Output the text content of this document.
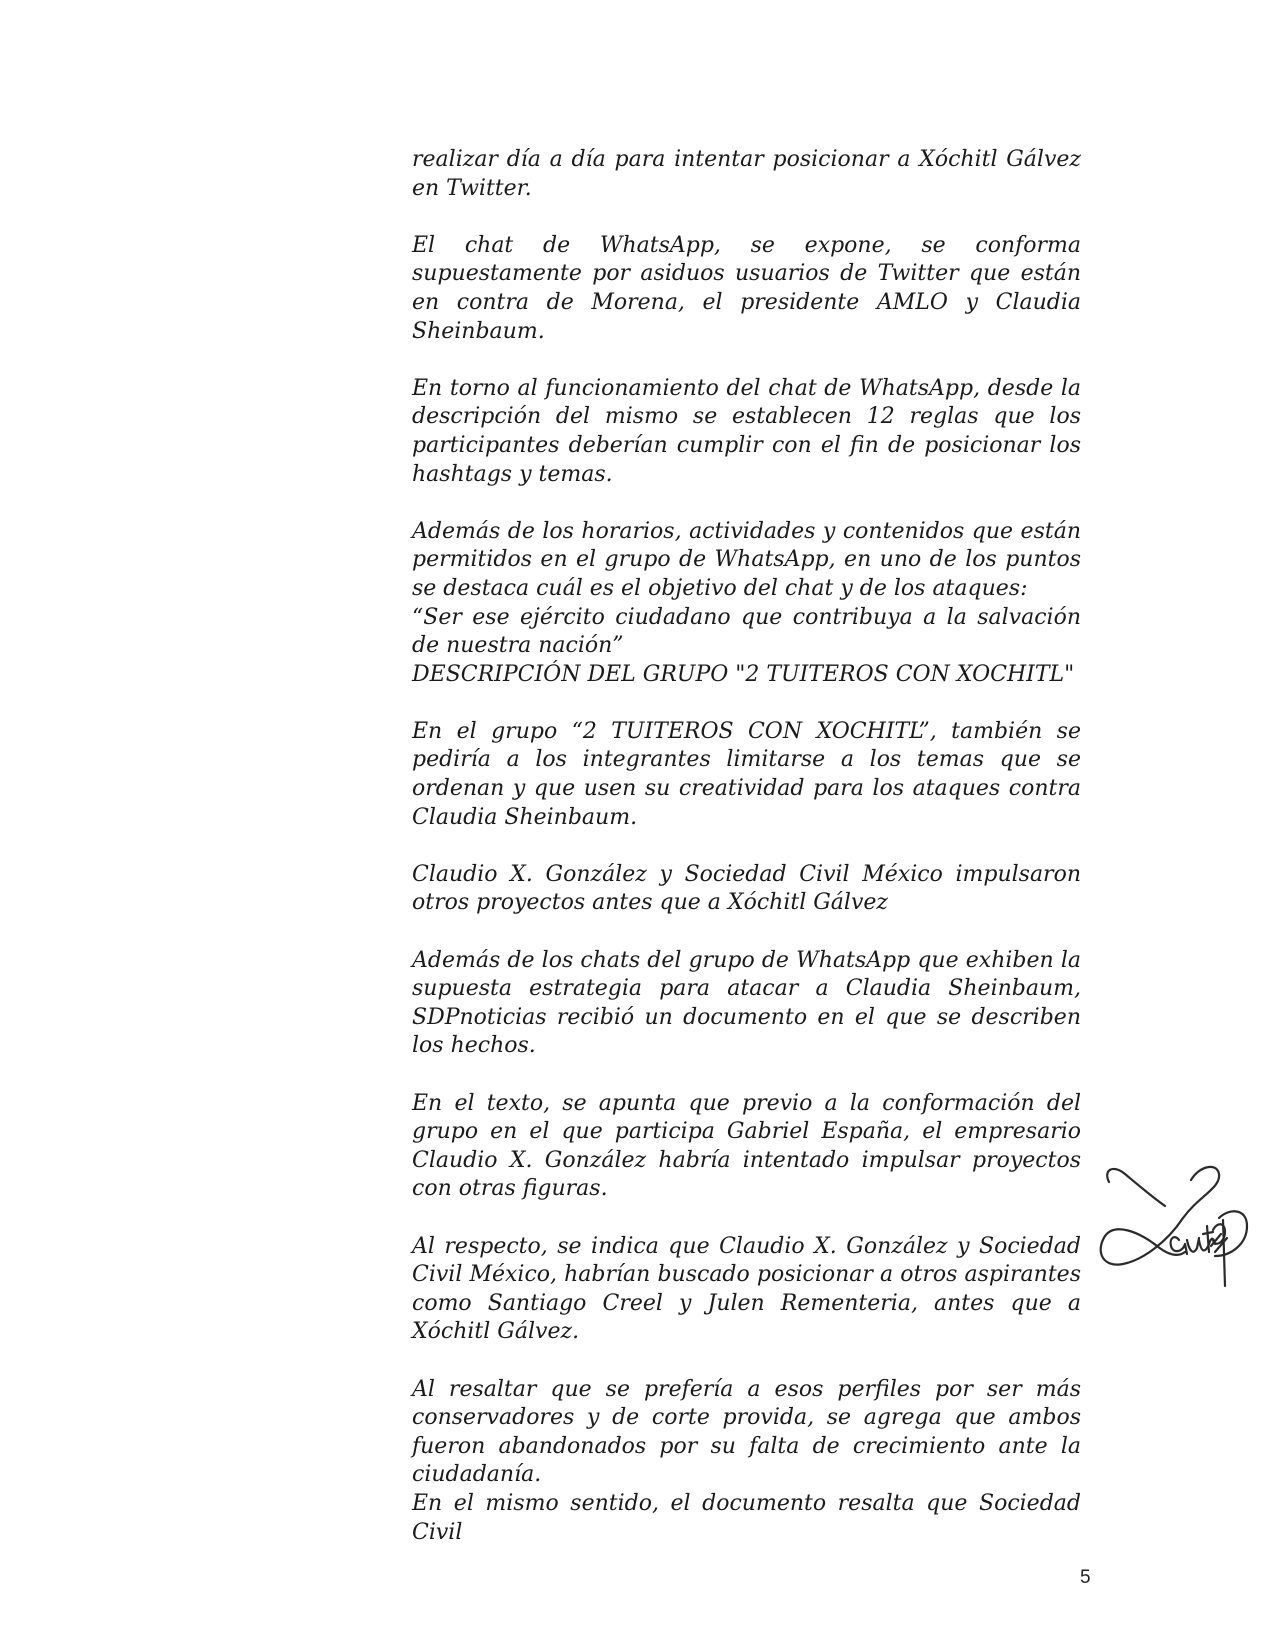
realizar día a día para intentar posicionar a Xóchitl Gálvez en Twitter.

El chat de WhatsApp, se expone, se conforma supuestamente por asiduos usuarios de Twitter que están en contra de Morena, el presidente AMLO y Claudia Sheinbaum.

En torno al funcionamiento del chat de WhatsApp, desde la descripción del mismo se establecen 12 reglas que los participantes deberían cumplir con el fin de posicionar los hashtags y temas.

Además de los horarios, actividades y contenidos que están permitidos en el grupo de WhatsApp, en uno de los puntos se destaca cuál es el objetivo del chat y de los ataques:

“Ser ese ejército ciudadano que contribuya a la salvación de nuestra nación”

DESCRIPCIÓN DEL GRUPO "2 TUITEROS CON XOCHITL"

En el grupo “2 TUITEROS CON XOCHITL”, también se pediría a los integrantes limitarse a los temas que se ordenan y que usen su creatividad para los ataques contra Claudia Sheinbaum.

Claudio X. González y Sociedad Civil México impulsaron otros proyectos antes que a Xóchitl Gálvez

Además de los chats del grupo de WhatsApp que exhiben la supuesta estrategia para atacar a Claudia Sheinbaum, SDPnoticias recibió un documento en el que se describen los hechos.

En el texto, se apunta que previo a la conformación del grupo en el que participa Gabriel España, el empresario Claudio X. González habría intentado impulsar proyectos con otras figuras.

Al respecto, se indica que Claudio X. González y Sociedad Civil México, habrían buscado posicionar a otros aspirantes como Santiago Creel y Julen Rementeria, antes que a Xóchitl Gálvez.

Al resaltar que se prefería a esos perfiles por ser más conservadores y de corte provida, se agrega que ambos fueron abandonados por su falta de crecimiento ante la ciudadanía.

En el mismo sentido, el documento resalta que Sociedad Civil

5
